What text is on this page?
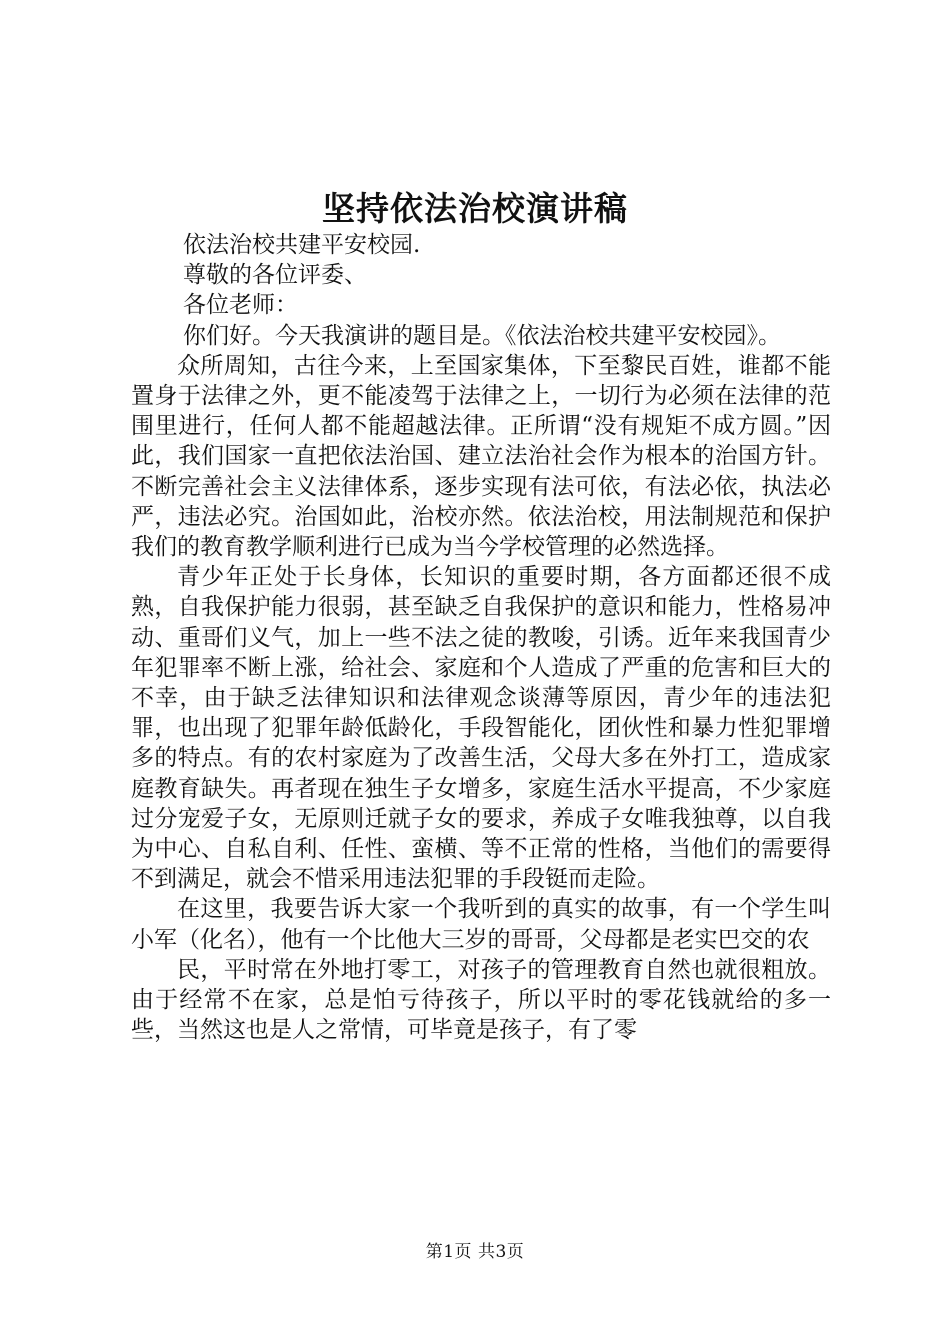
坚持依法治校演讲稿

依法治校共建平安校园.

尊敬的各位评委、

各位老师：

你们好。今天我演讲的题目是。《依法治校共建平安校园》。

众所周知，古往今来，上至国家集体，下至黎民百姓，谁都不能置身于法律之外，更不能凌驾于法律之上，一切行为必须在法律的范围里进行，任何人都不能超越法律。正所谓“没有规矩不成方圆。”因此，我们国家一直把依法治国、建立法治社会作为根本的治国方针。不断完善社会主义法律体系，逐步实现有法可依，有法必依，执法必严，违法必究。治国如此，治校亦然。依法治校，用法制规范和保护我们的教育教学顺利进行已成为当今学校管理的必然选择。

青少年正处于长身体，长知识的重要时期，各方面都还很不成熟，自我保护能力很弱，甚至缺乏自我保护的意识和能力，性格易冲动、重哥们义气，加上一些不法之徒的教唆，引诱。近年来我国青少年犯罪率不断上涨，给社会、家庭和个人造成了严重的危害和巨大的不幸，由于缺乏法律知识和法律观念谈薄等原因，青少年的违法犯罪，也出现了犯罪年龄低龄化，手段智能化，团伙性和暴力性犯罪增多的特点。有的农村家庭为了改善生活，父母大多在外打工，造成家庭教育缺失。再者现在独生子女增多，家庭生活水平提高，不少家庭过分宠爱子女，无原则迁就子女的要求，养成子女唯我独尊，以自我为中心、自私自利、任性、蛮横、等不正常的性格，当他们的需要得不到满足，就会不惜采用违法犯罪的手段铤而走险。

在这里，我要告诉大家一个我听到的真实的故事，有一个学生叫小军（化名），他有一个比他大三岁的哥哥，父母都是老实巴交的农

民，平时常在外地打零工，对孩子的管理教育自然也就很粗放。由于经常不在家，总是怕亏待孩子，所以平时的零花钱就给的多一些，当然这也是人之常情，可毕竟是孩子，有了零

第1页 共3页
